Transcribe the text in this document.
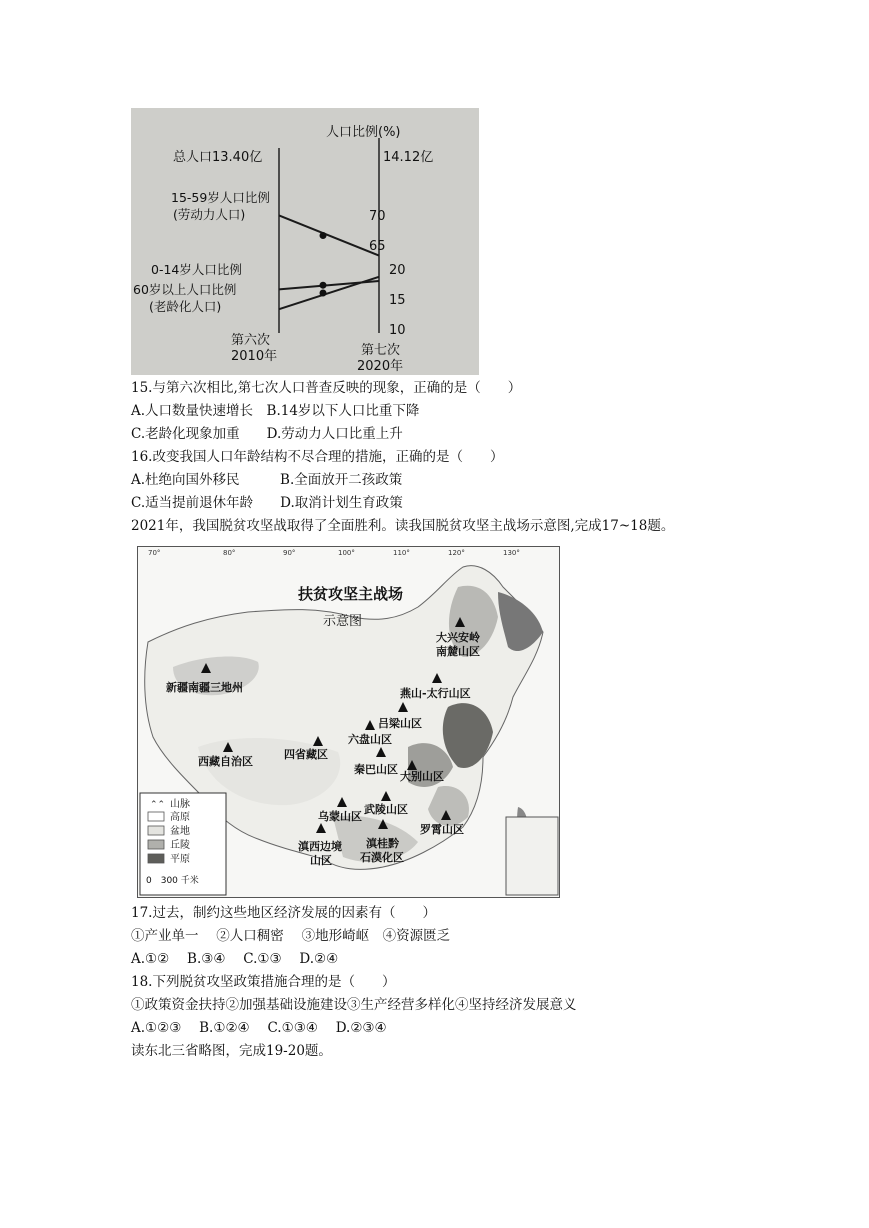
人口比例(%)
总人口13.40亿	14.12亿
15-59岁人口比例
(劳动力人口)
0-14岁人口比例
60岁以上人口比例
(老龄化人口)
第六次
2010年	第七次
2020年
70
65
20
15
10
15.与第六次相比,第七次人口普查反映的现象，正确的是（　　）
A.人口数量快速增长　B.14岁以下人口比重下降
C.老龄化现象加重　　D.劳动力人口比重上升
16.改变我国人口年龄结构不尽合理的措施，正确的是（　　）
A.杜绝向国外移民　　　B.全面放开二孩政策
C.适当提前退休年龄　　D.取消计划生育政策
2021年，我国脱贫攻坚战取得了全面胜利。读我国脱贫攻坚主战场示意图,完成17~18题。
70°	80°	90°	100°	110°	120°	130°
扶贫攻坚主战场
示意图
大兴安岭
南麓山区
新疆南疆三地州	燕山-太行山区
吕梁山区
六盘山区
四省藏区
西藏自治区
秦巴山区
大别山区
武陵山区
乌蒙山区
罗霄山区
滇西边境
山区
滇桂黔
石漠化区
⌃⌃ 山脉
高原
盆地
丘陵
平原
0　300 千米
17.过去，制约这些地区经济发展的因素有（　　）
①产业单一　 ②人口稠密　 ③地形崎岖　④资源匮乏
A.①②　 B.③④　 C.①③　 D.②④
18.下列脱贫攻坚政策措施合理的是（　　）
①政策资金扶持②加强基础设施建设③生产经营多样化④坚持经济发展意义
A.①②③　 B.①②④　 C.①③④　 D.②③④
读东北三省略图，完成19-20题。
